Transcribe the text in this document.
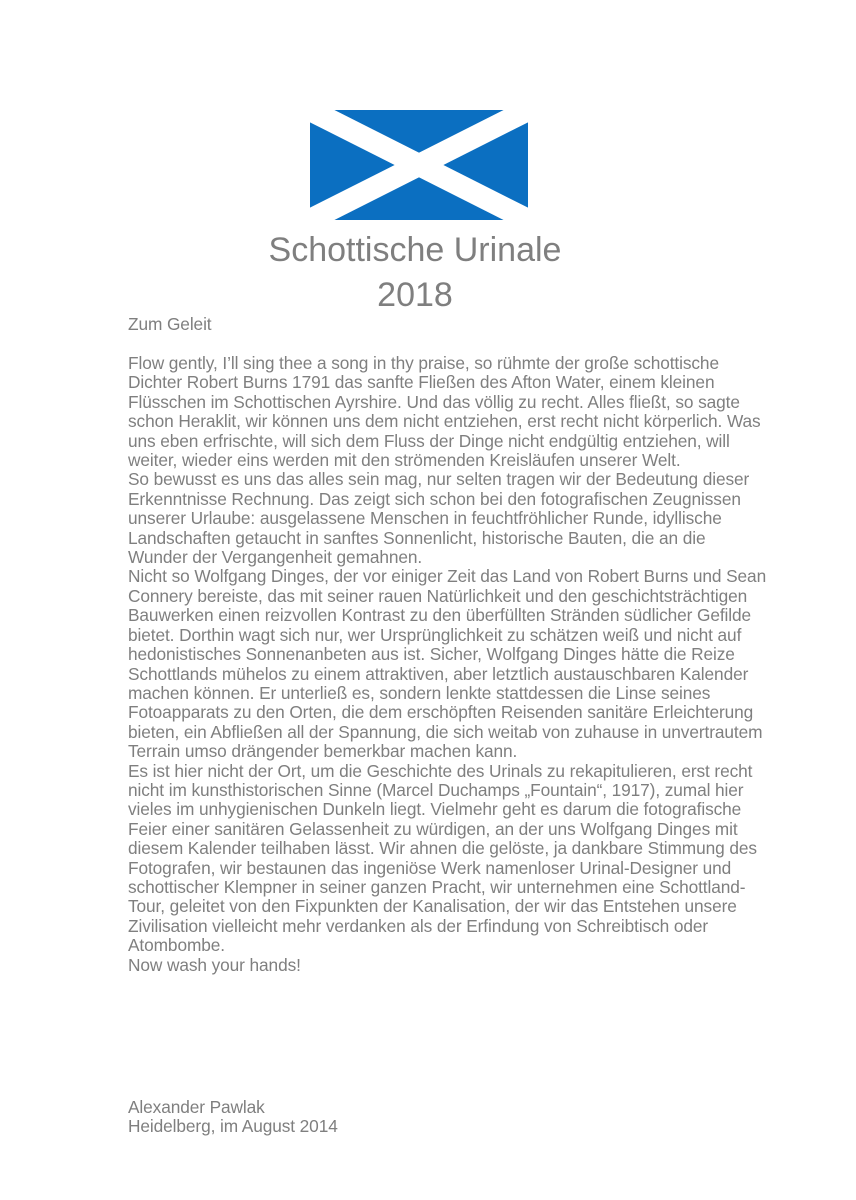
Schottische Urinale
2018
Zum Geleit

Flow gently, I’ll sing thee a song in thy praise, so rühmte der große schottische Dichter Robert Burns 1791 das sanfte Fließen des Afton Water, einem kleinen Flüsschen im Schottischen Ayrshire. Und das völlig zu recht. Alles fließt, so sagte schon Heraklit, wir können uns dem nicht entziehen, erst recht nicht körperlich. Was uns eben erfrischte, will sich dem Fluss der Dinge nicht endgültig entziehen, will weiter, wieder eins werden mit den strömenden Kreisläufen unserer Welt.

So bewusst es uns das alles sein mag, nur selten tragen wir der Bedeutung dieser Erkenntnisse Rechnung. Das zeigt sich schon bei den fotografischen Zeugnissen unserer Urlaube: ausgelassene Menschen in feuchtfröhlicher Runde, idyllische Landschaften getaucht in sanftes Sonnenlicht, historische Bauten, die an die Wunder der Vergangenheit gemahnen.

Nicht so Wolfgang Dinges, der vor einiger Zeit das Land von Robert Burns und Sean Connery bereiste, das mit seiner rauen Natürlichkeit und den geschichtsträchtigen Bauwerken einen reizvollen Kontrast zu den überfüllten Stränden südlicher Gefilde bietet. Dorthin wagt sich nur, wer Ursprünglichkeit zu schätzen weiß und nicht auf hedonistisches Sonnenanbeten aus ist. Sicher, Wolfgang Dinges hätte die Reize Schottlands mühelos zu einem attraktiven, aber letztlich austauschbaren Kalender machen können. Er unterließ es, sondern lenkte stattdessen die Linse seines Fotoapparats zu den Orten, die dem erschöpften Reisenden sanitäre Erleichterung bieten, ein Abfließen all der Spannung, die sich weitab von zuhause in unvertrautem Terrain umso drängender bemerkbar machen kann.

Es ist hier nicht der Ort, um die Geschichte des Urinals zu rekapitulieren, erst recht nicht im kunsthistorischen Sinne (Marcel Duchamps „Fountain“, 1917), zumal hier vieles im unhygienischen Dunkeln liegt. Vielmehr geht es darum die fotografische Feier einer sanitären Gelassenheit zu würdigen, an der uns Wolfgang Dinges mit diesem Kalender teilhaben lässt. Wir ahnen die gelöste, ja dankbare Stimmung des Fotografen, wir bestaunen das ingeniöse Werk namenloser Urinal-Designer und schottischer Klempner in seiner ganzen Pracht, wir unternehmen eine Schottland-Tour, geleitet von den Fixpunkten der Kanalisation, der wir das Entstehen unsere Zivilisation vielleicht mehr verdanken als der Erfindung von Schreibtisch oder Atombombe.

Now wash your hands!

Alexander Pawlak

Heidelberg, im August 2014
